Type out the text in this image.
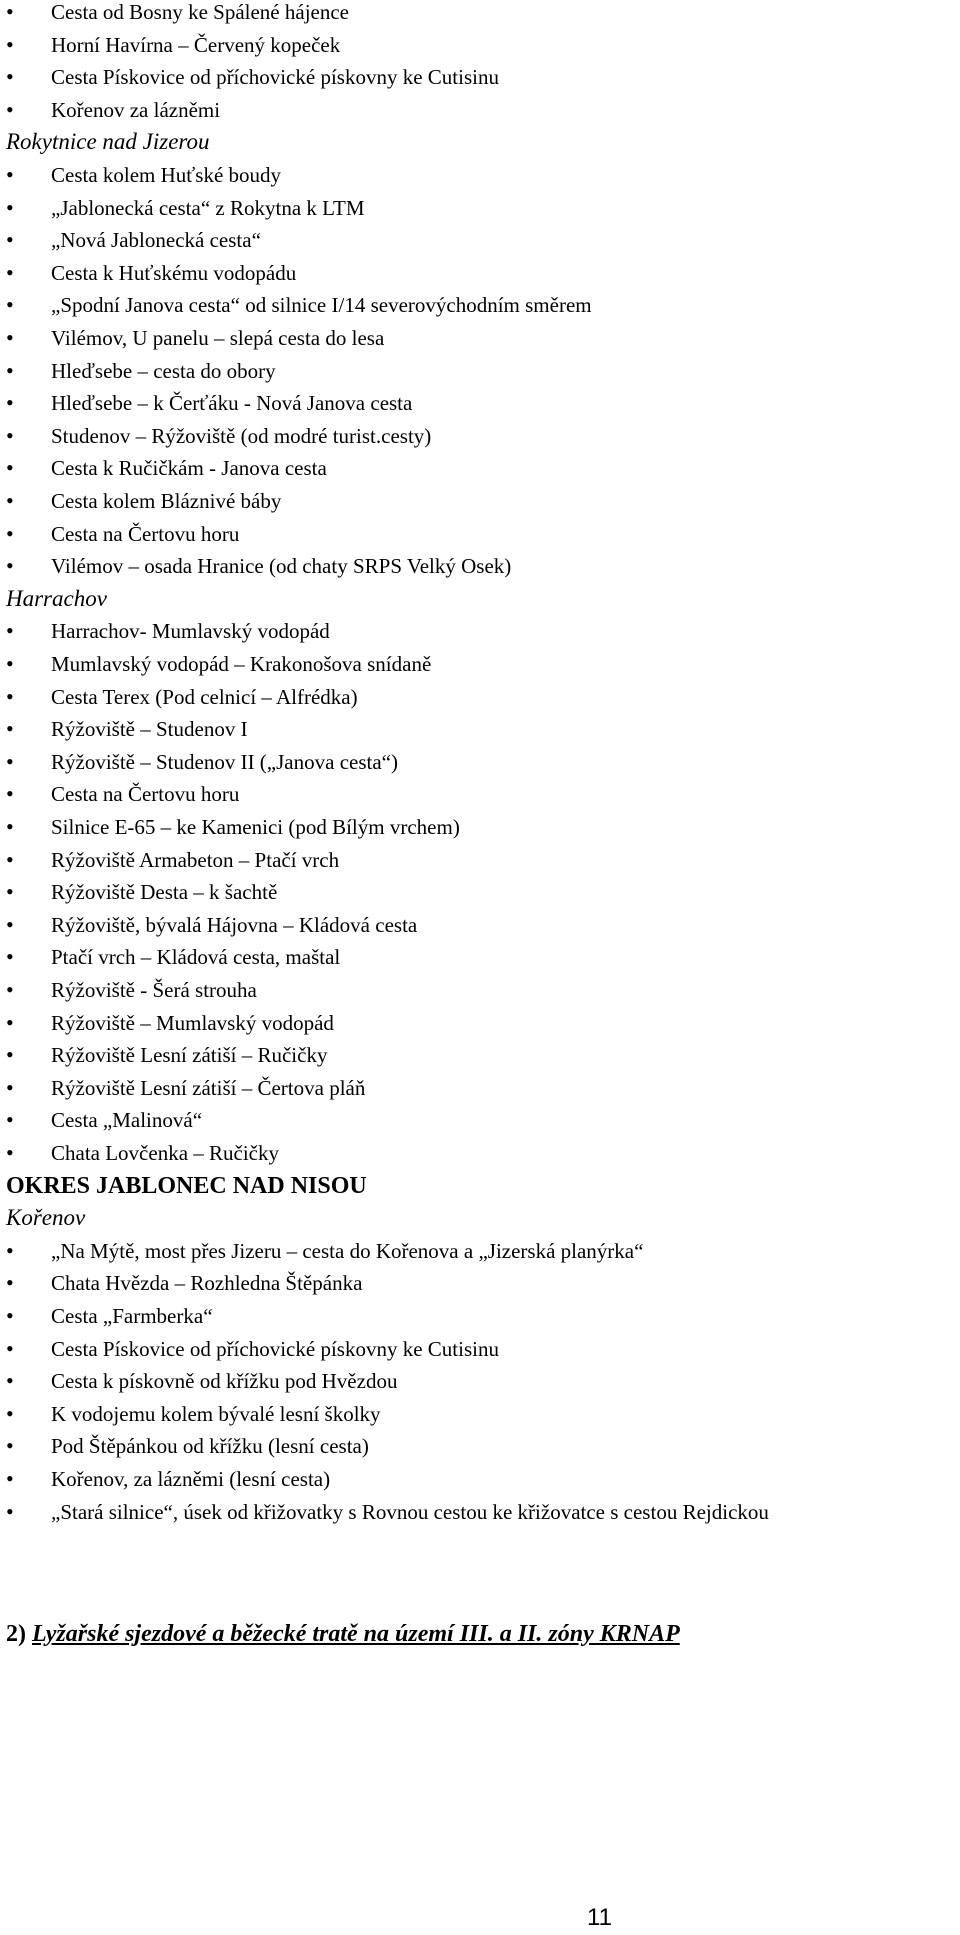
• Cesta od Bosny ke Spálené hájence
• Horní Havírna – Červený kopeček
• Cesta Pískovice od příchovické pískovny ke Cutisinu
• Kořenov za lázněmi
Rokytnice nad Jizerou
• Cesta kolem Huťské boudy
• „Jablonecká cesta“ z Rokytna k LTM
• „Nová Jablonecká cesta“
• Cesta k Huťskému vodopádu
• „Spodní Janova cesta“ od silnice I/14 severovýchodním směrem
• Vilémov, U panelu – slepá cesta do lesa
• Hleďsebe – cesta do obory
• Hleďsebe – k Čerťáku - Nová Janova cesta
• Studenov – Rýžoviště (od modré turist.cesty)
• Cesta k Ručičkám - Janova cesta
• Cesta kolem Bláznivé báby
• Cesta na Čertovu horu
• Vilémov – osada Hranice (od chaty SRPS Velký Osek)
Harrachov
• Harrachov- Mumlavský vodopád
• Mumlavský vodopád – Krakonošova snídaně
• Cesta Terex (Pod celnicí – Alfrédka)
• Rýžoviště – Studenov I
• Rýžoviště – Studenov II („Janova cesta“)
• Cesta na Čertovu horu
• Silnice E-65 – ke Kamenici (pod Bílým vrchem)
• Rýžoviště Armabeton – Ptačí vrch
• Rýžoviště Desta – k šachtě
• Rýžoviště, bývalá Hájovna – Kládová cesta
• Ptačí vrch – Kládová cesta, maštal
• Rýžoviště - Šerá strouha
• Rýžoviště – Mumlavský vodopád
• Rýžoviště Lesní zátiší – Ručičky
• Rýžoviště Lesní zátiší – Čertova pláň
• Cesta „Malinová“
• Chata Lovčenka – Ručičky
OKRES JABLONEC NAD NISOU
Kořenov
• „Na Mýtě, most přes Jizeru – cesta do Kořenova a „Jizerská planýrka“
• Chata Hvězda – Rozhledna Štěpánka
• Cesta „Farmberka“
• Cesta Pískovice od příchovické pískovny ke Cutisinu
• Cesta k pískovně od křížku pod Hvězdou
• K vodojemu kolem bývalé lesní školky
• Pod Štěpánkou od křížku (lesní cesta)
• Kořenov, za lázněmi (lesní cesta)
• „Stará silnice“, úsek od křižovatky s Rovnou cestou ke křižovatce s cestou Rejdickou
2) Lyžařské sjezdové a běžecké tratě na území III. a II. zóny KRNAP
11
